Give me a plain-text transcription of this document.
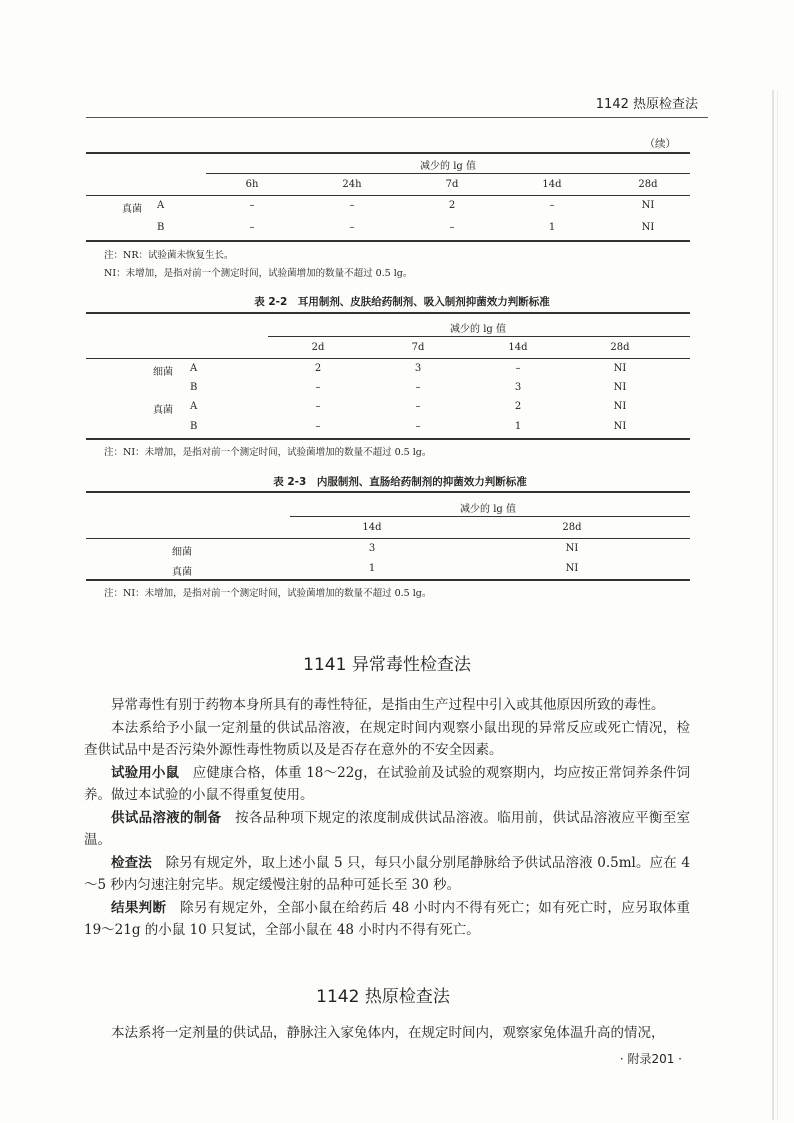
1142 热原检查法
（续）
减少的 lg 值
6h	24h	7d	14d	28d
真菌 A	–	–	2	–	NI
B	–	–	–	1	NI
注：NR：试验菌未恢复生长。
NI：未增加，是指对前一个测定时间，试验菌增加的数量不超过 0.5 lg。
表 2-2　耳用制剂、皮肤给药制剂、吸入制剂抑菌效力判断标准
减少的 lg 值
2d	7d	14d	28d
细菌 A	2	3	–	NI
B	–	–	3	NI
真菌 A	–	–	2	NI
B	–	–	1	NI
注：NI：未增加，是指对前一个测定时间，试验菌增加的数量不超过 0.5 lg。
表 2-3　内服制剂、直肠给药制剂的抑菌效力判断标准
减少的 lg 值
14d	28d
细菌	3	NI
真菌	1	NI
注：NI：未增加，是指对前一个测定时间，试验菌增加的数量不超过 0.5 lg。
1141 异常毒性检查法

异常毒性有别于药物本身所具有的毒性特征，是指由生产过程中引入或其他原因所致的毒性。

本法系给予小鼠一定剂量的供试品溶液，在规定时间内观察小鼠出现的异常反应或死亡情况，检查供试品中是否污染外源性毒性物质以及是否存在意外的不安全因素。

试验用小鼠　应健康合格，体重 18～22g，在试验前及试验的观察期内，均应按正常饲养条件饲养。做过本试验的小鼠不得重复使用。

供试品溶液的制备　按各品种项下规定的浓度制成供试品溶液。临用前，供试品溶液应平衡至室温。

检查法　除另有规定外，取上述小鼠 5 只，每只小鼠分别尾静脉给予供试品溶液 0.5ml。应在 4～5 秒内匀速注射完毕。规定缓慢注射的品种可延长至 30 秒。

结果判断　除另有规定外，全部小鼠在给药后 48 小时内不得有死亡；如有死亡时，应另取体重 19～21g 的小鼠 10 只复试，全部小鼠在 48 小时内不得有死亡。

1142 热原检查法

本法系将一定剂量的供试品，静脉注入家兔体内，在规定时间内，观察家兔体温升高的情况，

· 附录201 ·
